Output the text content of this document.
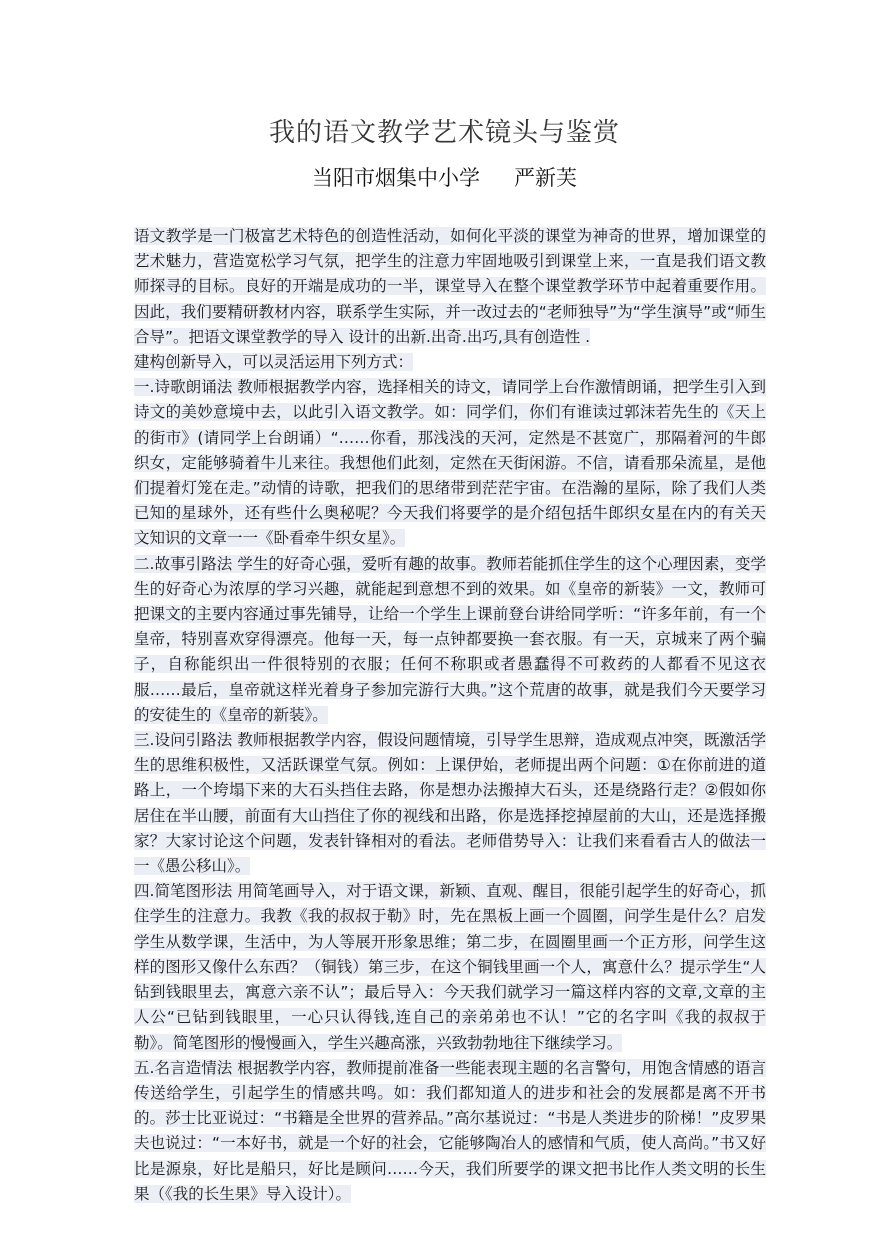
我的语文教学艺术镜头与鉴赏
当阳市烟集中小学 严新芙

语文教学是一门极富艺术特色的创造性活动，如何化平淡的课堂为神奇的世界，增加课堂的艺术魅力，营造宽松学习气氛，把学生的注意力牢固地吸引到课堂上来，一直是我们语文教师探寻的目标。良好的开端是成功的一半，课堂导入在整个课堂教学环节中起着重要作用。因此，我们要精研教材内容，联系学生实际，并一改过去的“老师独导”为“学生演导”或“师生合导”。把语文课堂教学的导入 设计的出新.出奇.出巧,具有创造性 .

建构创新导入，可以灵活运用下列方式：

一.诗歌朗诵法 教师根据教学内容，选择相关的诗文，请同学上台作激情朗诵，把学生引入到诗文的美妙意境中去，以此引入语文教学。如：同学们，你们有谁读过郭沫若先生的《天上的街市》(请同学上台朗诵）“……你看，那浅浅的天河，定然是不甚宽广，那隔着河的牛郎织女，定能够骑着牛儿来往。我想他们此刻，定然在天街闲游。不信，请看那朵流星，是他们提着灯笼在走。”动情的诗歌，把我们的思绪带到茫茫宇宙。在浩瀚的星际，除了我们人类已知的星球外，还有些什么奥秘呢？今天我们将要学的是介绍包括牛郎织女星在内的有关天文知识的文章一一《卧看牵牛织女星》。

二.故事引路法 学生的好奇心强，爱听有趣的故事。教师若能抓住学生的这个心理因素，变学生的好奇心为浓厚的学习兴趣，就能起到意想不到的效果。如《皇帝的新装》一文，教师可把课文的主要内容通过事先铺导，让给一个学生上课前登台讲给同学听：“许多年前，有一个皇帝，特别喜欢穿得漂亮。他每一天，每一点钟都要换一套衣服。有一天，京城来了两个骗子，自称能织出一件很特别的衣服；任何不称职或者愚蠢得不可救药的人都看不见这衣服……最后，皇帝就这样光着身子参加完游行大典。”这个荒唐的故事，就是我们今天要学习的安徒生的《皇帝的新装》。

三.设问引路法 教师根据教学内容，假设问题情境，引导学生思辩，造成观点冲突，既激活学生的思维积极性，又活跃课堂气氛。例如：上课伊始，老师提出两个问题：①在你前进的道路上，一个垮塌下来的大石头挡住去路，你是想办法搬掉大石头，还是绕路行走？②假如你居住在半山腰，前面有大山挡住了你的视线和出路，你是选择挖掉屋前的大山，还是选择搬家？大家讨论这个问题，发表针锋相对的看法。老师借势导入：让我们来看看古人的做法一一《愚公移山》。

四.简笔图形法 用简笔画导入，对于语文课，新颖、直观、醒目，很能引起学生的好奇心，抓住学生的注意力。我教《我的叔叔于勒》时，先在黑板上画一个圆圈，问学生是什么？启发学生从数学课，生活中，为人等展开形象思维；第二步，在圆圈里画一个正方形，问学生这样的图形又像什么东西？（铜钱）第三步，在这个铜钱里画一个人，寓意什么？提示学生“人钻到钱眼里去，寓意六亲不认”；最后导入：今天我们就学习一篇这样内容的文章,文章的主人公“已钻到钱眼里，一心只认得钱,连自己的亲弟弟也不认！”它的名字叫《我的叔叔于勒》。简笔图形的慢慢画入，学生兴趣高涨，兴致勃勃地往下继续学习。

五.名言造情法 根据教学内容，教师提前准备一些能表现主题的名言警句，用饱含情感的语言传送给学生，引起学生的情感共鸣。如：我们都知道人的进步和社会的发展都是离不开书的。莎士比亚说过：“书籍是全世界的营养品。”高尔基说过：“书是人类进步的阶梯！”皮罗果夫也说过：“一本好书，就是一个好的社会，它能够陶冶人的感情和气质，使人高尚。”书又好比是源泉，好比是船只，好比是顾问……今天，我们所要学的课文把书比作人类文明的长生果（《我的长生果》导入设计）。
